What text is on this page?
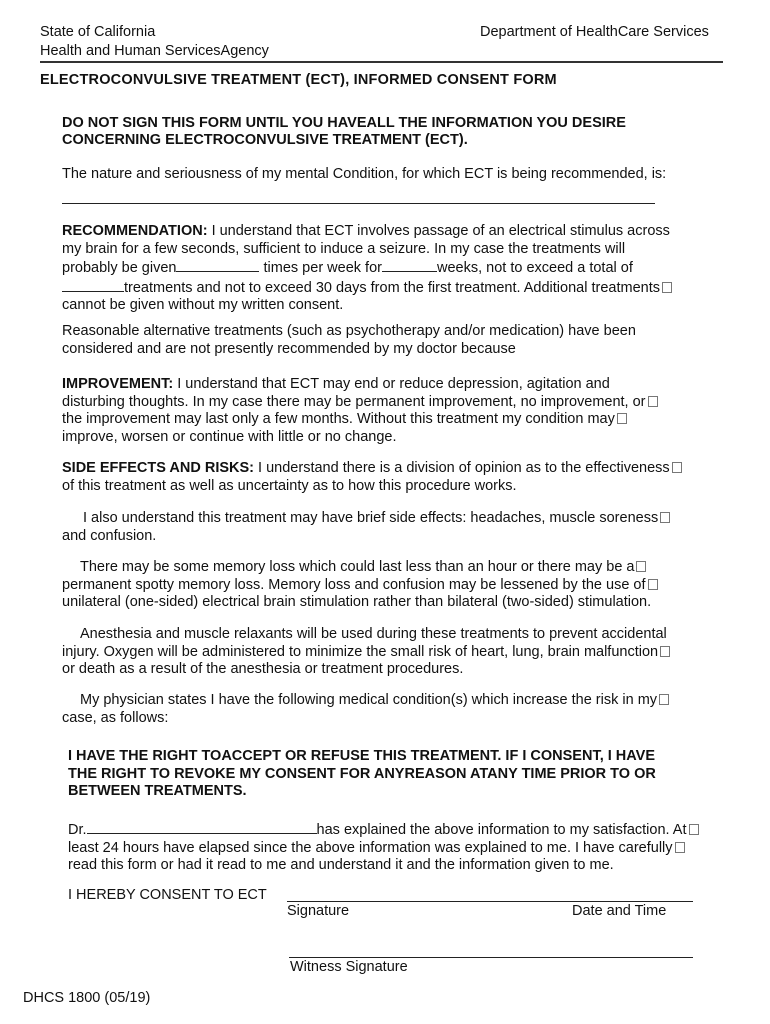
State of California
Health and Human ServicesAgency
Department of HealthCare Services
ELECTROCONVULSIVE TREATMENT (ECT), INFORMED CONSENT FORM
DO NOT SIGN THIS FORM UNTIL YOU HAVEALL THE INFORMATION YOU DESIRE
CONCERNING ELECTROCONVULSIVE TREATMENT (ECT).
The nature and seriousness of my mental Condition, for which ECT is being recommended, is:
RECOMMENDATION: I understand that ECT involves passage of an electrical stimulus across
my brain for a few seconds, sufficient to induce a seizure. In my case the treatments will
probably be given	times per week for	weeks, not to exceed a total of
treatments and not to exceed 30 days from the first treatment. Additional treatments
cannot be given without my written consent.
Reasonable alternative treatments (such as psychotherapy and/or medication) have been
considered and are not presently recommended by my doctor because
IMPROVEMENT: I understand that ECT may end or reduce depression, agitation and
disturbing thoughts. In my case there may be permanent improvement, no improvement, or
the improvement may last only a few months. Without this treatment my condition may
improve, worsen or continue with little or no change.
SIDE EFFECTS AND RISKS: I understand there is a division of opinion as to the effectiveness
of this treatment as well as uncertainty as to how this procedure works.
I also understand this treatment may have brief side effects: headaches, muscle soreness
and confusion.
There may be some memory loss which could last less than an hour or there may be a
permanent spotty memory loss. Memory loss and confusion may be lessened by the use of
unilateral (one-sided) electrical brain stimulation rather than bilateral (two-sided) stimulation.
Anesthesia and muscle relaxants will be used during these treatments to prevent accidental
injury. Oxygen will be administered to minimize the small risk of heart, lung, brain malfunction
or death as a result of the anesthesia or treatment procedures.
My physician states I have the following medical condition(s) which increase the risk in my
case, as follows:
I HAVE THE RIGHT TOACCEPT OR REFUSE THIS TREATMENT. IF I CONSENT, I HAVE
THE RIGHT TO REVOKE MY CONSENT FOR ANYREASON ATANY TIME PRIOR TO OR
BETWEEN TREATMENTS.
Dr.	has explained the above information to my satisfaction. At
least 24 hours have elapsed since the above information was explained to me. I have carefully
read this form or had it read to me and understand it and the information given to me.
I HEREBY CONSENT TO ECT
Signature	Date and Time
Witness Signature
DHCS 1800 (05/19)
